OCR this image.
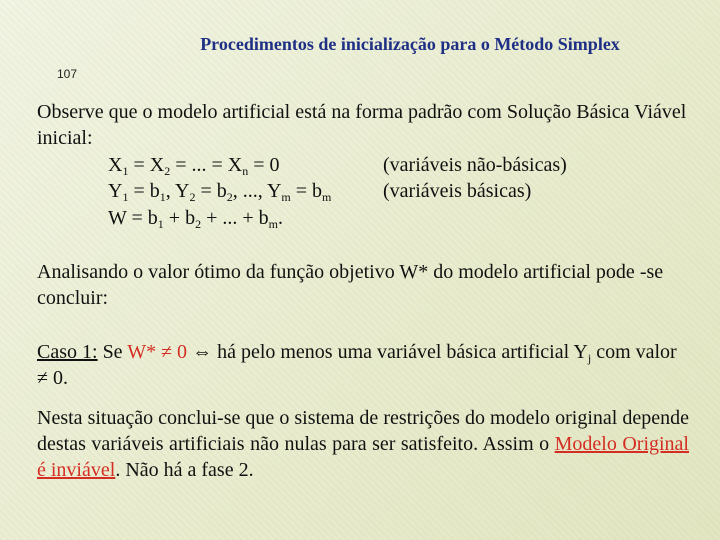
Procedimentos de inicialização para o Método Simplex
107
Observe que o modelo artificial está na forma padrão com Solução Básica Viável inicial:
$X_1 = X_2$ = ... = $X_n = 0$	(variáveis não-básicas)
$Y_1 = b_1$, $Y_2 = b_2$, ..., $Y_m = b_m$	(variáveis básicas)
$W = b_1 + b_2$ + ... + $b_m$.
Analisando o valor ótimo da função objetivo W* do modelo artificial pode -se concluir:
Caso 1: Se W* ≠ 0 ⇔ há pelo menos uma variável básica artificial $Y_j$ com valor ≠ 0.
Nesta situação conclui-se que o sistema de restrições do modelo original depende destas variáveis artificiais não nulas para ser satisfeito. Assim o Modelo Original é inviável. Não há a fase 2.
